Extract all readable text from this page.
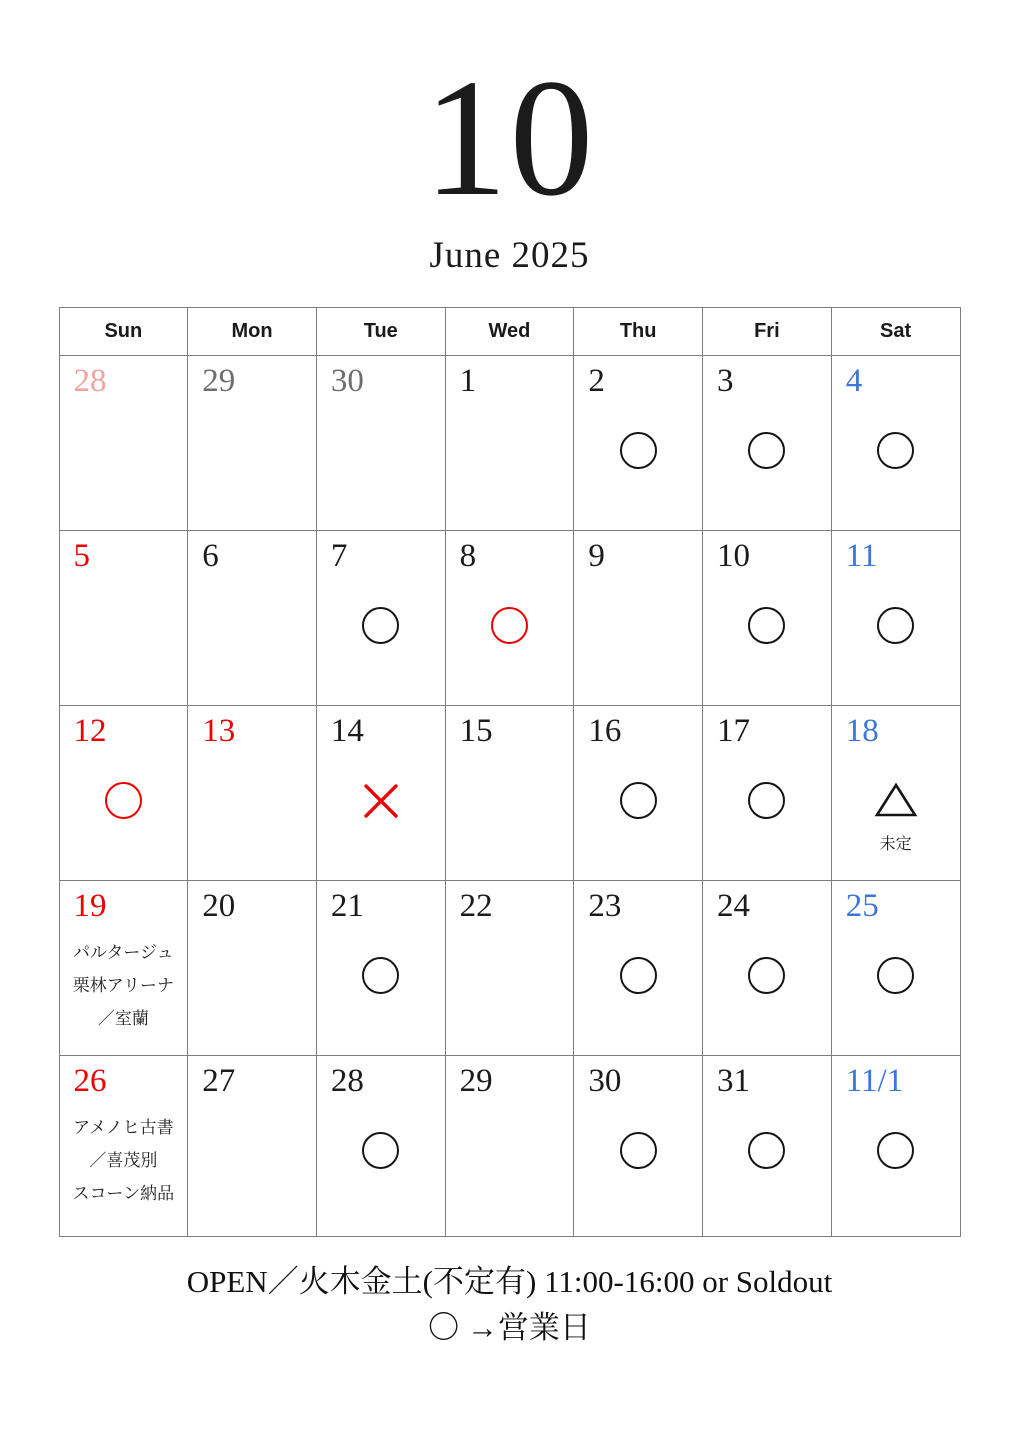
10
June 2025
Sun	Mon	Tue	Wed	Thu	Fri	Sat

28	29	30	1	2	3	4

5	6	7	8	9	10	11

12	13	14	15	16	17	18
未定

19
パルタージュ
栗林アリーナ
／室蘭	20	21	22	23	24	25

26
アメノヒ古書
／喜茂別
スコーン納品	27	28	29	30	31	11/1
OPEN／火木金土(不定有) 11:00-16:00 or Soldout
〇 →営業日
